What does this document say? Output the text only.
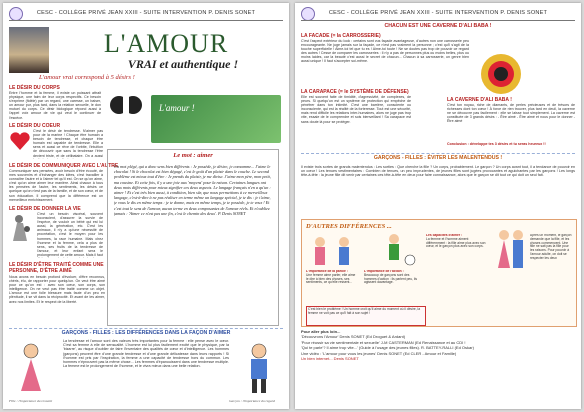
CESC - COLLÈGE PRIVÉ JEAN XXIII - SUITE INTERVENTION P. DENIS SONET
L'AMOUR
VRAI et authentique !
L'amour vrai correspond à 5 désirs !
L'amour !
LE DÉSIR DU CORPS
Entre l'homme et la femme, il existe un puissant attrait physique, une faim de leur corps respectifs. Ce besoin s'exprime (fidèle) par un regard, une caresse, un baiser, un amour pur, plus tard, dans la relation sexuelle, le don mutuel du corps. Ce désir biologique répond aussi à l'appel voix amour de vie qui veut le continuer de l'espèce.
LE DÉSIR DU COEUR
C'est le désir de tendresse. N'aimer pas pour de la marine ! Chaque être humain a besoin de tendresse, et chaque être humain est capable de tendresse. Elle a sens et aussi ce rêve de l'orbite, l'intuition de découvrir que sans la tendresse l'être devient triste, et de célibataire. On a aussi
LE DÉSIR DE COMMUNIQUER AVEC L'AUTRE
Communiquer ses pensées, avoir besoin d'être écouté, de mes souvenirs et d'échanger des idées, c'est travailler à connaître l'autre et à l'aimer tel qu'il est. On se qu'on aime, c'est qu'on aime aimer leur manière. Ainsi chacun à tous les pensées de l'autre, les sentiments, les désirs ce quelque qu'on n'est pas de la famille, et de son cœur, et de son éducation. Il comprend que la différence est un merveilleux enrichissement.
LE DÉSIR DE DONNER LA VIE
C'est un besoin viscéral, souvent inconscient, d'assurer la survie de l'espèce, de vouloir un bébé qui est lui aussi, la génération, etc. C'est les animaux, il n'y a qu'une nécessité de procréation, c'est le moyen pour les hommes, la race humaine. Mais chez l'homme et la femme, cela a plus de sens, ses fruits de la tendresse de l'amour, et leur enfant sera le prolongement de cette amour. Mais il faut
LE DÉSIR D'ÊTRE TRAITÉ COMME UNE PERSONNE, D'ÊTRE AIMÉ
Nous avons en besoin profond d'évoluer, d'être reconnus, chéris, élu, de rapporter pour quelqu'un. On veut être aimé pour ce qu'on est : avec son cœur, son corps, son intelligence. On ne veut pas être traité comme un objet. L'amour est une folle blessure mais faute d'un peu en plénitude, il se vit dans la réciprocité. Et avant de les aimer, avec nos limites. Et le respect de la liberté.
Le mot : aimer
Un mot plégé, qui a donc sens bien différents : Je possède, je désire, je consomme... J'aime le chocolat ! Si le chocolat est bien dégagé, c'est le goût d'un plaisir dans le couche. Le second problème est mieux tout d'être : Je prends du plaisir, je me divise. J'aime mon père, mon petit, ma cousine. Et cette fois, il y a une joie aux 'moyens' pour la raison. Certaines langues ont deux mots différents pour mieux signifier ces deux aspects. Le langage français n'en a qu'un : aimer ! Et c'est très bien aussi, à condition, bien sûr, que nous permettions à ce merveilleux langage, c'est-à-dire à ne pas réaliser en terme même un langage spécial, je te dis : je t'aime, je vous le dis en même temps : je te donne, mais en même temps, je te possède, je te veux ! Et c'est tout le sens de l'amour, aucun terme en deux composantes de l'amour réels. Et n'oubliez jamais : 'Aimer ce n'est pas une fin, c'est le chemin des deux'. P. Denis SONET
GARÇONS - FILLES : LES DIFFÉRENCES DANS LA FAÇON D'AIMER
Fille : l'importance du ressenti
La tendresse et l'amour sont des valeurs très importantes pour la femme : elle pense avec le cœur. C'est sa femme à elle de sensualité. L'homme est lui plus facilement excité que le physique, par la 'bizarre', au risque d'oublier de faire l'inventaire des qualités de cœur et d'intelligence. Les hommes (garçons) peuvent être d'une grande tendresse et d'une grande délicatesse dans leurs rapports ! Si l'homme est pris par l'inspiration, la femme a une capacité de tendresse hors du commun. Les hommes n'éprouvent pas la même chose... Les femmes d'épanouissent dans une tendresse multiple. La femme est le prolongement de l'homme, et le vivra mieux dans une belle relation.
Garçon : l'importance du regard
CESC - COLLÈGE PRIVÉ JEAN XXIII - SUITE INTERVENTION P. DENIS SONET
CHACUN EST UNE CAVERNE D'ALI BABA !
LA FACADE (= la CARROSSERIE)
C'est l'aspect extérieur du look : certains sont vus façade avantageuse, d'autres non une carrosserie peu encourageante. Ne juge jamais sur la façade, ce n'est pas vraiment la personne ; c'est qu'il s'agit de la touche superficielle ! Aime-toi tel que tu es ! Aime-toi toute ! Ne se doutes pas trop de pouvoir ce regard des autres ! Cesse de comparer les carrosseries : Il n'y a pas de personnes plus ou moins belles, plus ou moins laides, car la beauté c'est aussi le secret de chacun... Chacun à sa carrosserie, un genre bien aussi unique ! Il faut s'accepter soi-même.
LA CARAPACE (= le SYSTÈME DE DÉFENSE)
Elle est souvent faite de timidité, d'agressivité, de complexes, de peurs. Si quelqu'un est un système de protection qui empêche de pénétrer dans ton intimité. C'est une barrière, consciente ou inconsciente, qui est la réalité de la forteresse. Tout est une sécurité, mais rend difficile les relations inter-humaines, alors ne juge pas trop vite, essaie de le comprendre et sois bienveillant ! Sa carapace est sans doute là pour se protéger.
LA CAVERNE D'ALI BABA !
C'est ton noyau, riche de diamants, de perles précieuses et de trésors de richesses dont ton cœur ! À force de rien trouver, plus tard en deuil, la caverne ne se découvre pas facilement : elle se laisse tout simplement. La caverne est constituée de 3 grands désirs : - Être aimé - Être aimé et nous pour le donner - Être aimé
Conclusion : développe tes 3 désirs et tu seras heureux !!
GARÇONS - FILLES : ÉVITER LES MALENTENDUS !
Il existe trois sortes de grands malentendus : Les sorties : Que cherche la fille ? Un corps, probablement. Le garçon ? Un corps avant tout, il a tendance de pouvoir en un cœur ! Les tenues vestimentaires : Combien de tenues, un peu imprudentes, de jeunes filles sont jugées provocantes et aguichantes par les garçons ! Les longs tête-à-tête : la jeune fille dit venir par certaines ces tête-à-tête en deux pour faire connaissance, alors que le garçon se dit tout ce qui doit un seul fait.
D'AUTRES DIFFÉRENCES ...
L'importance de la parole :
Une femme aime parler, elle aime le dire à bien des choses, ses sentiments, ce qu'elle ressent...
L'importance de l'action :
Beaucoup de garçons sont des hommes d'action : ils parlent peu, ils agissent davantage.
Les capacités d'aimer :
La femme et l'homme aiment différemment : la fille aime plus avec son cœur, et le garçon plus avec son corps.
C'est bien le problème ! Un homme croit qu'il aime du moment où il désire, la femme ne voit pas ce qu'il fait à son sujet !
Après un moment, le garçon demande que la fille, et les choses commencent. Une fille ne sait pas la fille pour les raisons. Pour pouvoir à l'amour adulte, on doit se respecter les deux
Pour aller plus loin...
'Découvrons l'Amour' Denis SONET (Ed Droguet & Ardant)
'Pour réussir sa vie sentimentale et sexuelle' J-M CASTERMAN (Ed Renaissance et au CDI !
'Qui te parle'? Il aime trop vite...' (Guide à l'usage des jeunes filles). R. BATTEY-RALLI (Ed Oskar)
Une vidéo : 'L'amour pour vous les jeunes' Denis SONET (Ed CLER - Amour et Famille)
Un bien internet... Denis SONET
